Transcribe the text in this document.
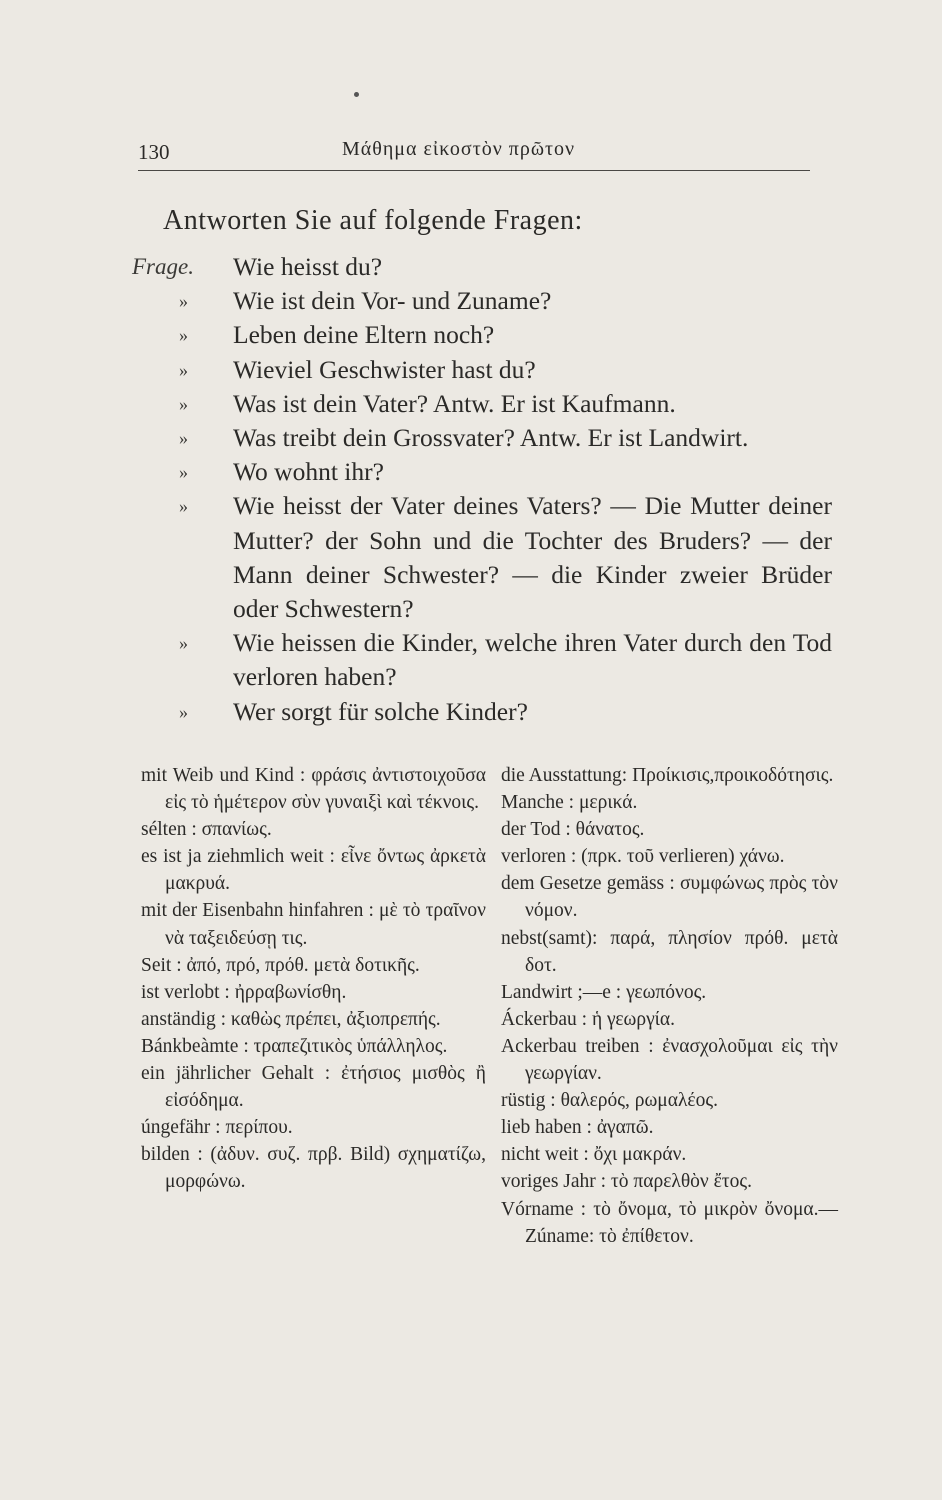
130	Μάθημα εἰκοστὸν πρῶτον
Antworten Sie auf folgende Fragen:
Frage.	Wie heisst du?
»	Wie ist dein Vor- und Zuname?
»	Leben deine Eltern noch?
»	Wieviel Geschwister hast du?
»	Was ist dein Vater? Antw. Er ist Kaufmann.
»	Was treibt dein Grossvater? Antw. Er ist Landwirt.
»	Wo wohnt ihr?
»	Wie heisst der Vater deines Vaters? — Die Mutter deiner Mutter? der Sohn und die Tochter des Bruders? — der Mann deiner Schwester? — die Kinder zweier Brüder oder Schwestern?
»	Wie heissen die Kinder, welche ihren Vater durch den Tod verloren haben?
»	Wer sorgt für solche Kinder?
mit Weib und Kind : φράσις ἀντιστοιχοῦσα εἰς τὸ ἡμέτερον σὺν γυναιξὶ καὶ τέκνοις.
sélten : σπανίως.
es ist ja ziehmlich weit : εἶνε ὄντως ἀρκετὰ μακρυά.
mit der Eisenbahn hinfahren : μὲ τὸ τραῖνον νὰ ταξειδεύσῃ τις.
Seit : ἀπό, πρό, πρόθ. μετὰ δοτικῆς.
ist verlobt : ἠρραβωνίσθη.
anständig : καθὼς πρέπει, ἀξιοπρεπής.
Bánkbeàmte : τραπεζιτικὸς ὑπάλληλος.
ein jährlicher Gehalt : ἐτήσιος μισθὸς ἢ εἰσόδημα.
úngefähr : περίπου.
bilden : (ἀδυν. συζ. πρβ. Bild) σχηματίζω, μορφώνω.
die Ausstattung: Προίκισις,προικοδότησις.
Manche : μερικά.
der Tod : θάνατος.
verloren : (πρκ. τοῦ verlieren) χάνω.
dem Gesetze gemäss : συμφώνως πρὸς τὸν νόμον.
nebst(samt): παρά, πλησίον πρόθ. μετὰ δοτ.
Landwirt ;—e : γεωπόνος.
Áckerbau : ἡ γεωργία.
Ackerbau treiben : ἐνασχολοῦμαι εἰς τὴν γεωργίαν.
rüstig : θαλερός, ρωμαλέος.
lieb haben : ἀγαπῶ.
nicht weit : ὄχι μακράν.
voriges Jahr : τὸ παρελθὸν ἔτος.
Vórname : τὸ ὄνομα, τὸ μικρὸν ὄνομα.—Zúname: τὸ ἐπίθετον.
